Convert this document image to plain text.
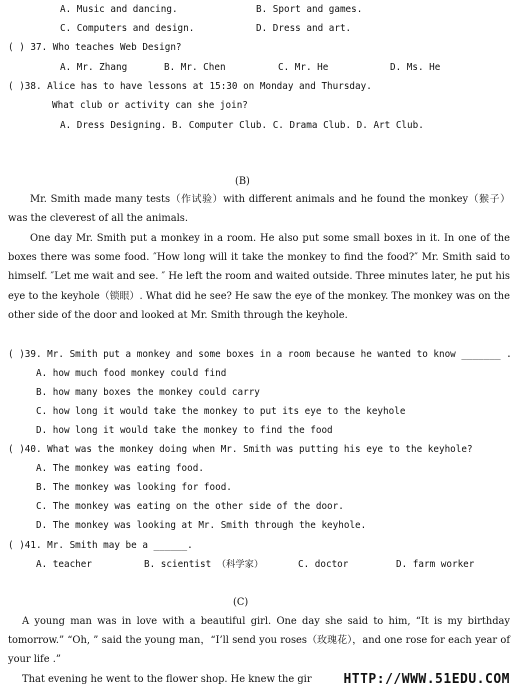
A. Music and dancing.	B. Sport and games.
C. Computers and design.	D. Dress and art.
( ) 37. Who teaches Web Design?
A. Mr. Zhang	B. Mr. Chen	C. Mr. He	D. Ms. He
( )38. Alice has to have lessons at 15:30 on Monday and Thursday.
What club or activity can she join?
A. Dress Designing. B. Computer Club. C. Drama Club. D. Art Club.
(B)
Mr. Smith made many tests（作试验）with different animals and he found the monkey（猴子）was the cleverest of all the animals.
One day Mr. Smith put a monkey in a room. He also put some small boxes in it. In one of the boxes there was some food. ″How long will it take the monkey to find the food?″ Mr. Smith said to himself. ″Let me wait and see. ″ He left the room and waited outside. Three minutes later, he put his eye to the keyhole（锁眼）. What did he see? He saw the eye of the monkey. The monkey was on the other side of the door and looked at Mr. Smith through the keyhole.
( )39. Mr. Smith put a monkey and some boxes in a room because he wanted to know _______ .
A. how much food monkey could find
B. how many boxes the monkey could carry
C. how long it would take the monkey to put its eye to the keyhole
D. how long it would take the monkey to find the food
( )40. What was the monkey doing when Mr. Smith was putting his eye to the keyhole?
A. The monkey was eating food.
B. The monkey was looking for food.
C. The monkey was eating on the other side of the door.
D. The monkey was looking at Mr. Smith through the keyhole.
( )41. Mr. Smith may be a ______.
A. teacher	B. scientist （科学家）	C. doctor	D. farm worker
(C)
A young man was in love with a beautiful girl. One day she said to him, “It is my birthday tomorrow.” “Oh, ” said the young man，“I’ll send you roses（玫瑰花），and one rose for each year of your life .”
That evening he went to the flower shop. He knew the gir HTTP://WWW.51EDU.COM
